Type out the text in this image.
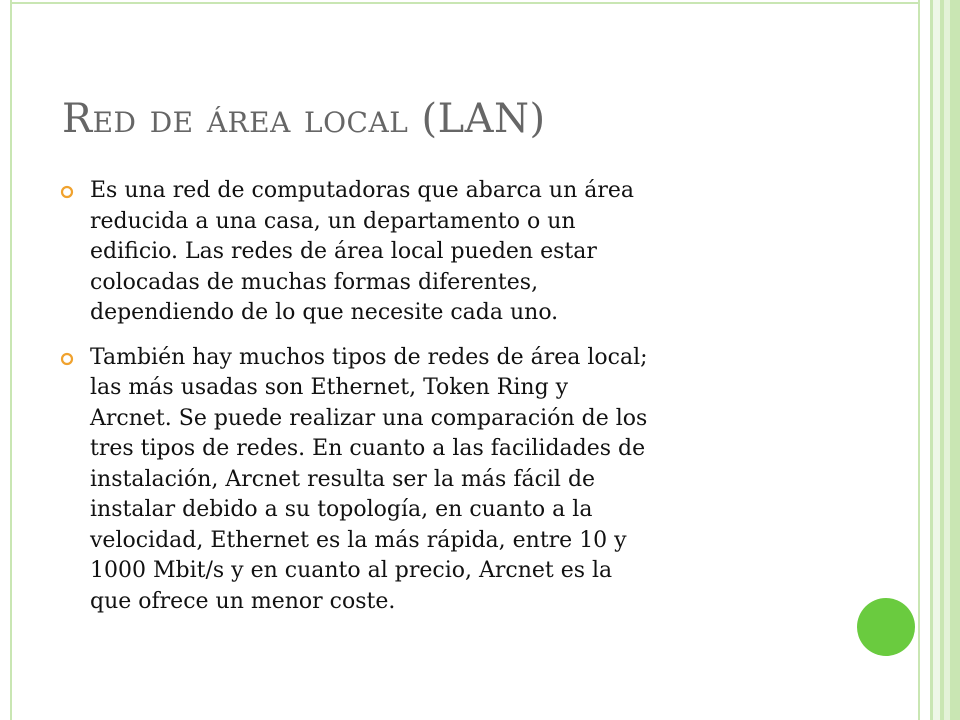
Red de área local (LAN)
Es una red de computadoras que abarca un área
reducida a una casa, un departamento o un
edificio. Las redes de área local pueden estar
colocadas de muchas formas diferentes,
dependiendo de lo que necesite cada uno.
También hay muchos tipos de redes de área local;
las más usadas son Ethernet, Token Ring y
Arcnet. Se puede realizar una comparación de los
tres tipos de redes. En cuanto a las facilidades de
instalación, Arcnet resulta ser la más fácil de
instalar debido a su topología, en cuanto a la
velocidad, Ethernet es la más rápida, entre 10 y
1000 Mbit/s y en cuanto al precio, Arcnet es la
que ofrece un menor coste.
